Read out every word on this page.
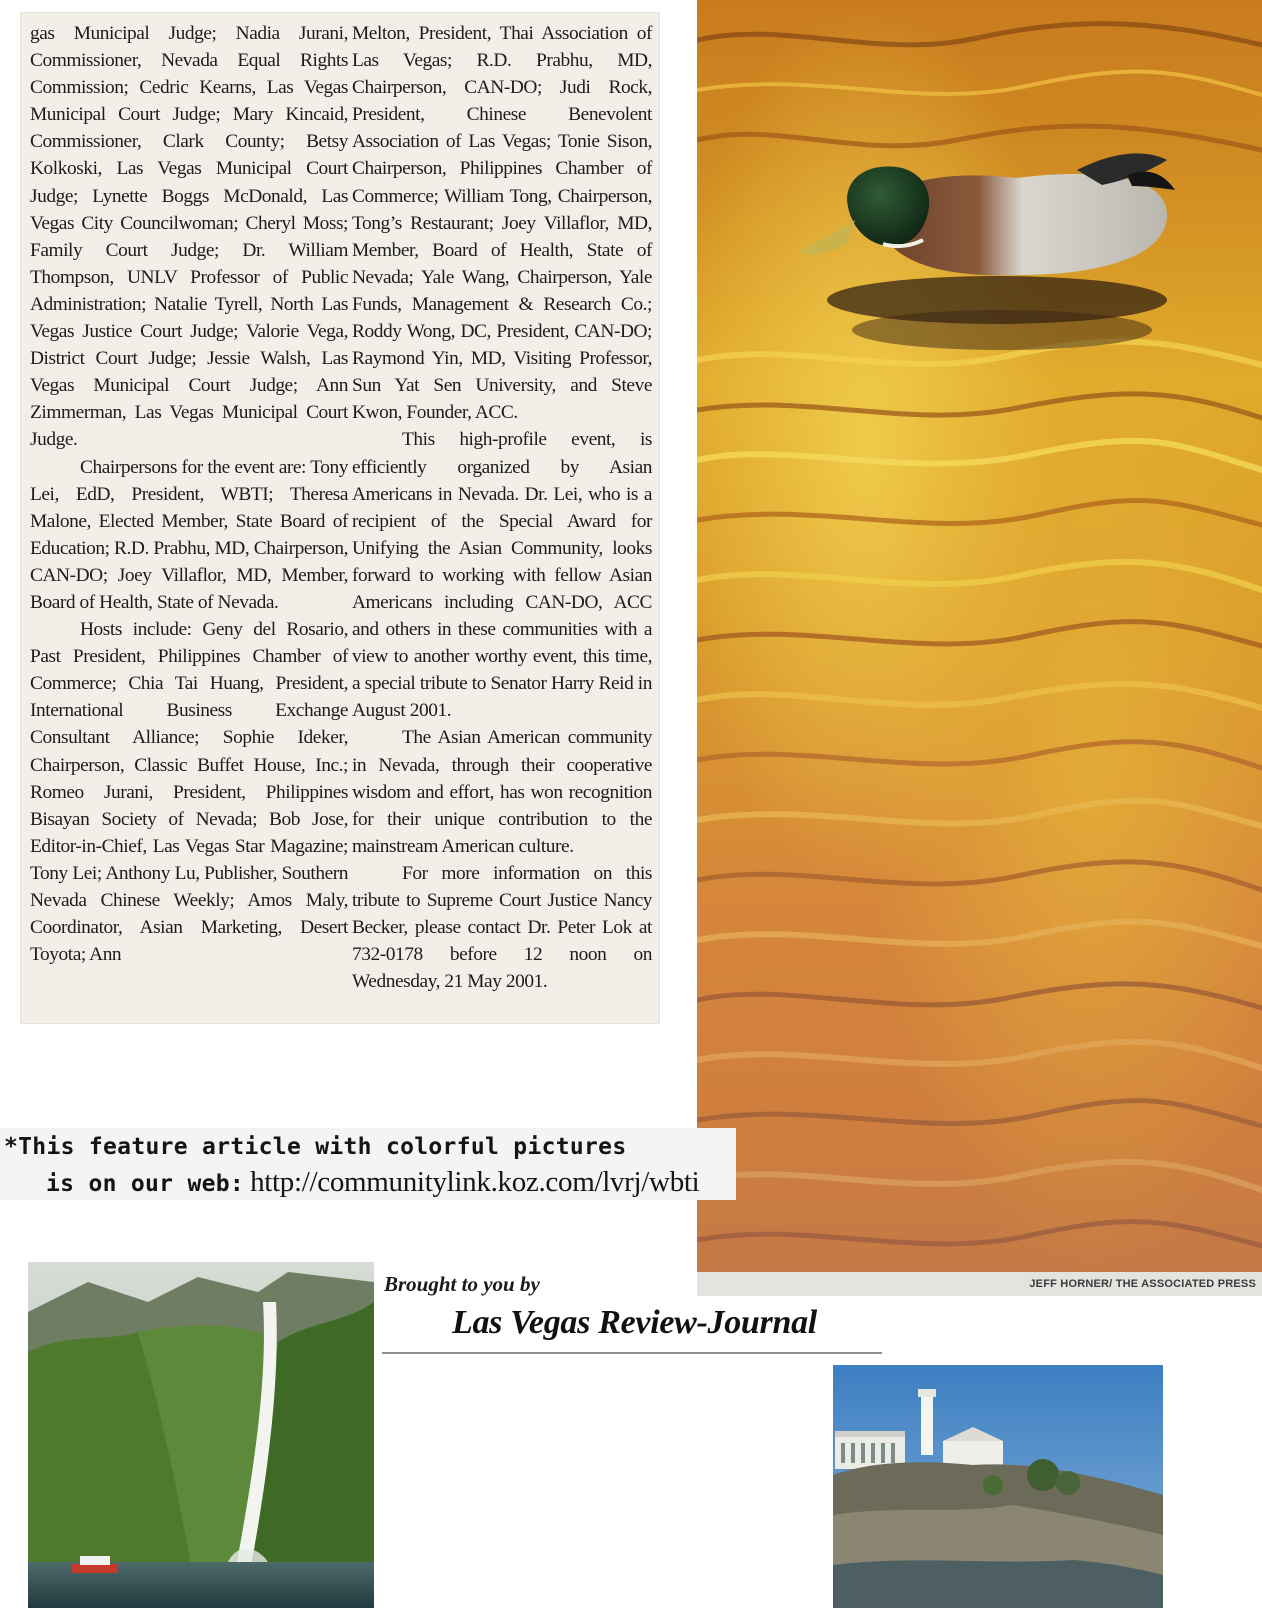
gas Municipal Judge; Nadia Jurani, Commissioner, Nevada Equal Rights Commission; Cedric Kearns, Las Vegas Municipal Court Judge; Mary Kincaid, Commissioner, Clark County; Betsy Kolkoski, Las Vegas Municipal Court Judge; Lynette Boggs McDonald, Las Vegas City Councilwoman; Cheryl Moss; Family Court Judge; Dr. William Thompson, UNLV Professor of Public Administration; Natalie Tyrell, North Las Vegas Justice Court Judge; Valorie Vega, District Court Judge; Jessie Walsh, Las Vegas Municipal Court Judge; Ann Zimmerman, Las Vegas Municipal Court Judge.

Chairpersons for the event are: Tony Lei, EdD, President, WBTI; Theresa Malone, Elected Member, State Board of Education; R.D. Prabhu, MD, Chairperson, CAN-DO; Joey Villaflor, MD, Member, Board of Health, State of Nevada.

Hosts include: Geny del Rosario, Past President, Philippines Chamber of Commerce; Chia Tai Huang, President, International Business Exchange Consultant Alliance; Sophie Ideker, Chairperson, Classic Buffet House, Inc.; Romeo Jurani, President, Philippines Bisayan Society of Nevada; Bob Jose, Editor-in-Chief, Las Vegas Star Magazine; Tony Lei; Anthony Lu, Publisher, Southern Nevada Chinese Weekly; Amos Maly, Coordinator, Asian Marketing, Desert Toyota; Ann

Melton, President, Thai Association of Las Vegas; R.D. Prabhu, MD, Chairperson, CAN-DO; Judi Rock, President, Chinese Benevolent Association of Las Vegas; Tonie Sison, Chairperson, Philippines Chamber of Commerce; William Tong, Chairperson, Tong’s Restaurant; Joey Villaflor, MD, Member, Board of Health, State of Nevada; Yale Wang, Chairperson, Yale Funds, Management & Research Co.; Roddy Wong, DC, President, CAN-DO; Raymond Yin, MD, Visiting Professor, Sun Yat Sen University, and Steve Kwon, Founder, ACC.

This high-profile event, is efficiently organized by Asian Americans in Nevada. Dr. Lei, who is a recipient of the Special Award for Unifying the Asian Community, looks forward to working with fellow Asian Americans including CAN-DO, ACC and others in these communities with a view to another worthy event, this time, a special tribute to Senator Harry Reid in August 2001.

The Asian American community in Nevada, through their cooperative wisdom and effort, has won recognition for their unique contribution to the mainstream American culture.

For more information on this tribute to Supreme Court Justice Nancy Becker, please contact Dr. Peter Lok at 732-0178 before 12 noon on Wednesday, 21 May 2001.

JEFF HORNER/ THE ASSOCIATED PRESS
*This feature article with colorful pictures
is on our web: http://communitylink.koz.com/lvrj/wbti
Brought to you by
Las Vegas Review-Journal
